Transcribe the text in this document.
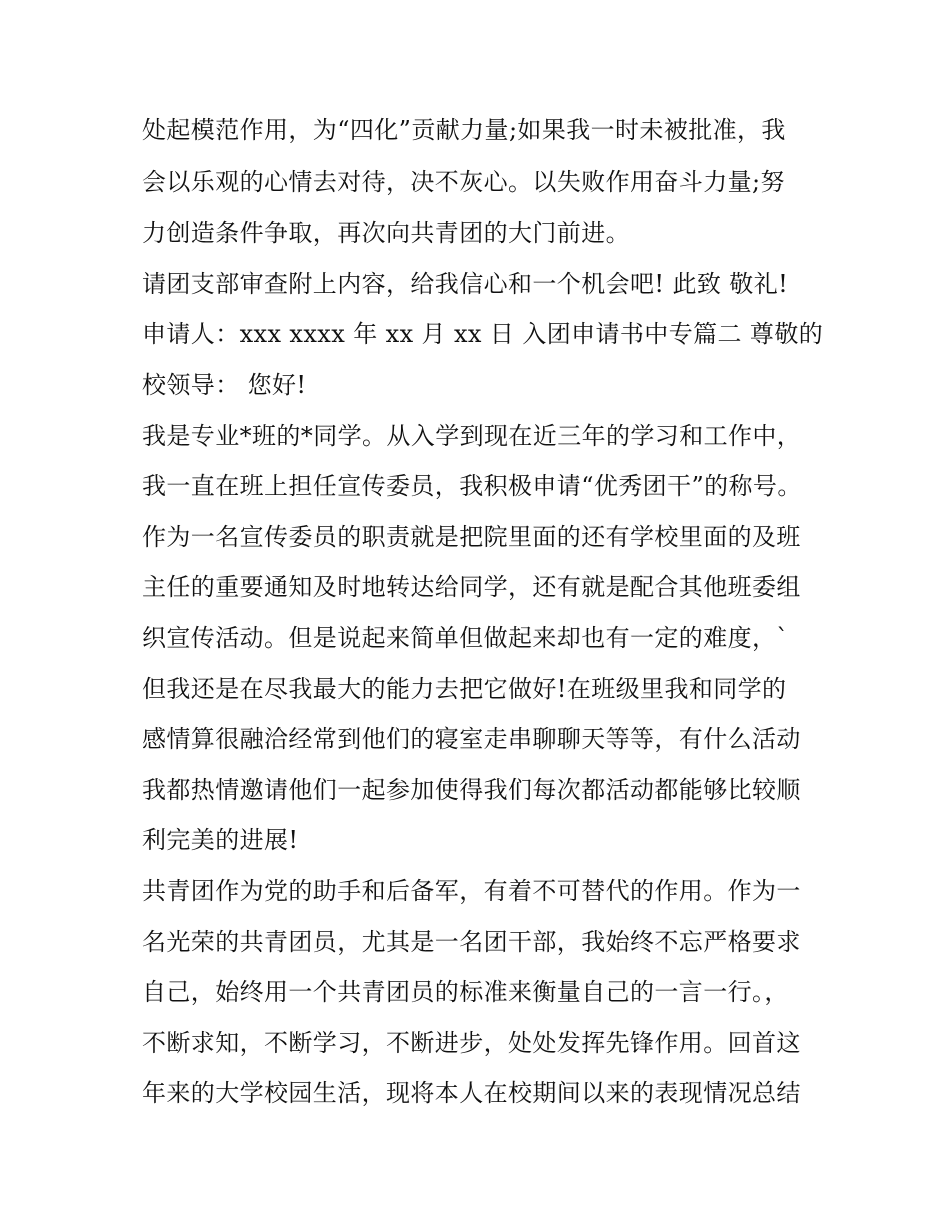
处起模范作用，为“四化”贡献力量;如果我一时未被批准，我
会以乐观的心情去对待，决不灰心。以失败作用奋斗力量;努
力创造条件争取，再次向共青团的大门前进。
请团支部审查附上内容，给我信心和一个机会吧! 此致 敬礼!
申请人：xxx xxxx 年 xx 月 xx 日 入团申请书中专篇二 尊敬的
校领导： 您好!
我是专业*班的*同学。从入学到现在近三年的学习和工作中，
我一直在班上担任宣传委员，我积极申请“优秀团干”的称号。
作为一名宣传委员的职责就是把院里面的还有学校里面的及班
主任的重要通知及时地转达给同学，还有就是配合其他班委组
织宣传活动。但是说起来简单但做起来却也有一定的难度，`
但我还是在尽我最大的能力去把它做好!在班级里我和同学的
感情算很融洽经常到他们的寝室走串聊聊天等等，有什么活动
我都热情邀请他们一起参加使得我们每次都活动都能够比较顺
利完美的进展!
共青团作为党的助手和后备军，有着不可替代的作用。作为一
名光荣的共青团员，尤其是一名团干部，我始终不忘严格要求
自己，始终用一个共青团员的标准来衡量自己的一言一行。，
不断求知，不断学习，不断进步，处处发挥先锋作用。回首这
年来的大学校园生活，现将本人在校期间以来的表现情况总结
